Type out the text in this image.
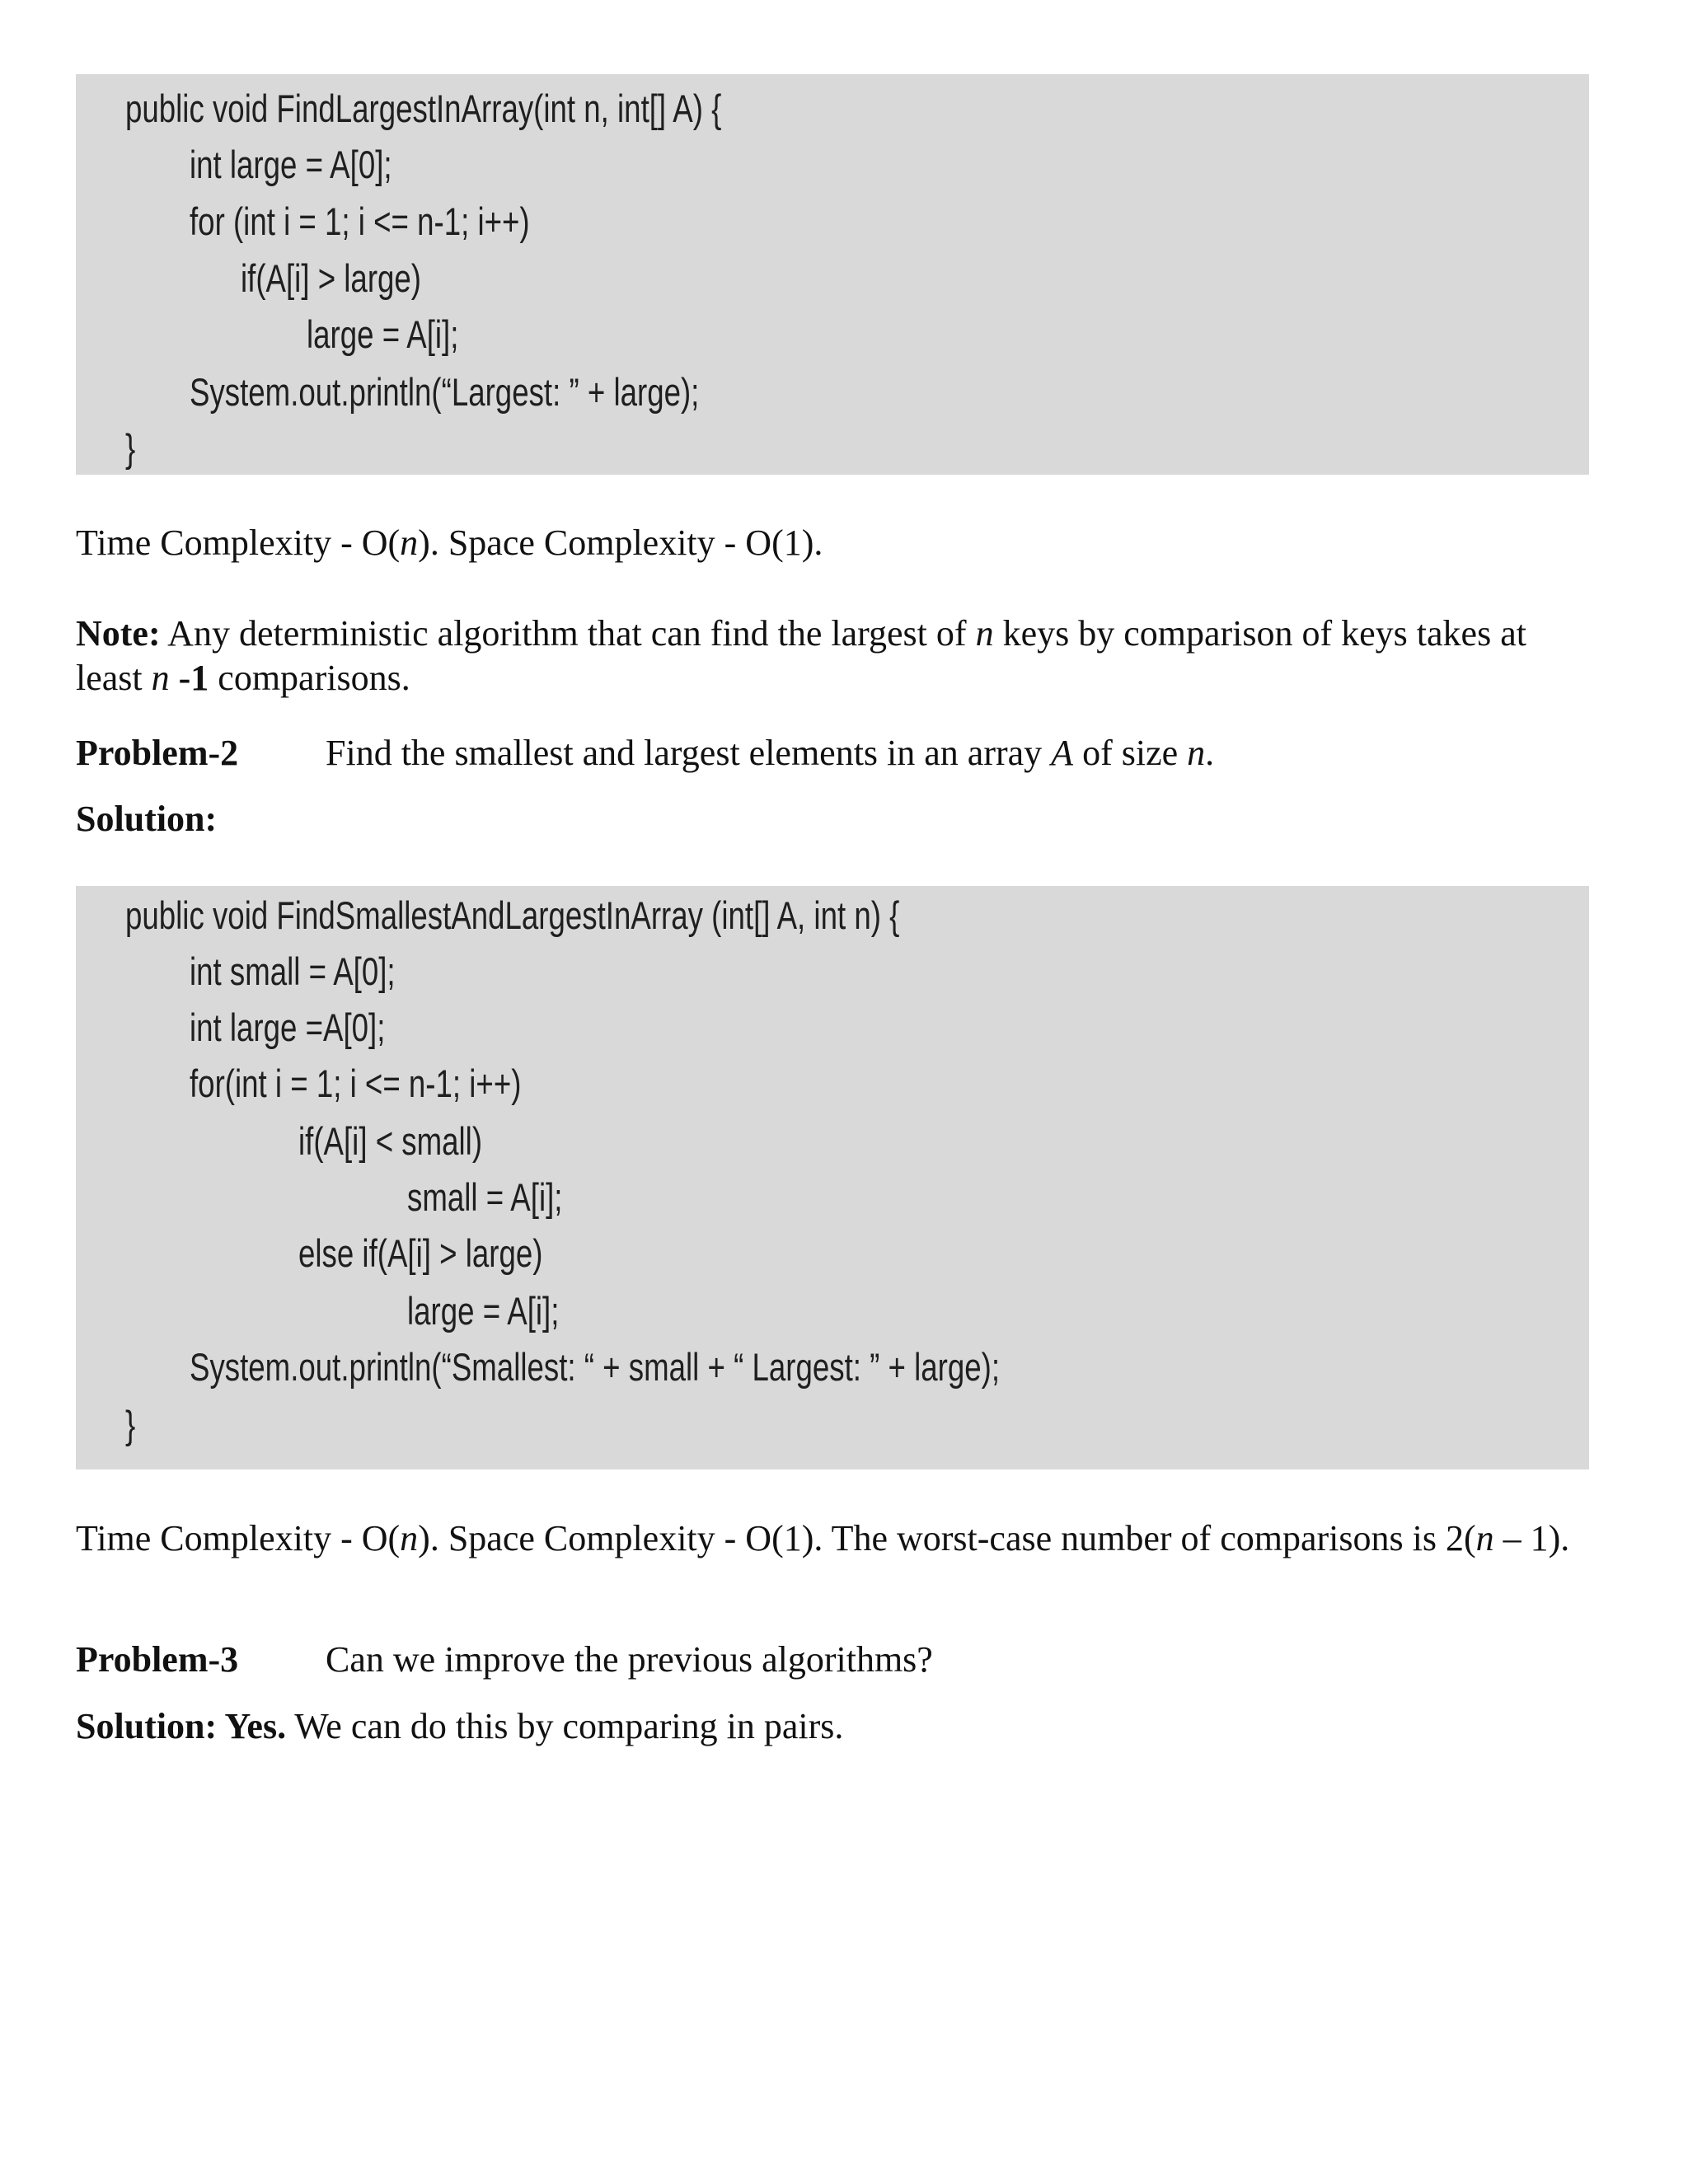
public void FindLargestInArray(int n, int[] A) {
int large = A[0];
for (int i = 1; i <= n-1; i++)
if(A[i] > large)
large = A[i];
System.out.println(“Largest: ” + large);
}

Time Complexity - O(n). Space Complexity - O(1).

Note: Any deterministic algorithm that can find the largest of n keys by comparison of keys takes at least n -1 comparisons.

Problem-2 Find the smallest and largest elements in an array A of size n.
Solution:
public void FindSmallestAndLargestInArray (int[] A, int n) {
int small = A[0];
int large =A[0];
for(int i = 1; i <= n-1; i++)
if(A[i] < small)
small = A[i];
else if(A[i] > large)
large = A[i];
System.out.println(“Smallest: “ + small + “ Largest: ” + large);
}

Time Complexity - O(n). Space Complexity - O(1). The worst-case number of comparisons is 2(n – 1).

Problem-3 Can we improve the previous algorithms?

Solution: Yes. We can do this by comparing in pairs.
